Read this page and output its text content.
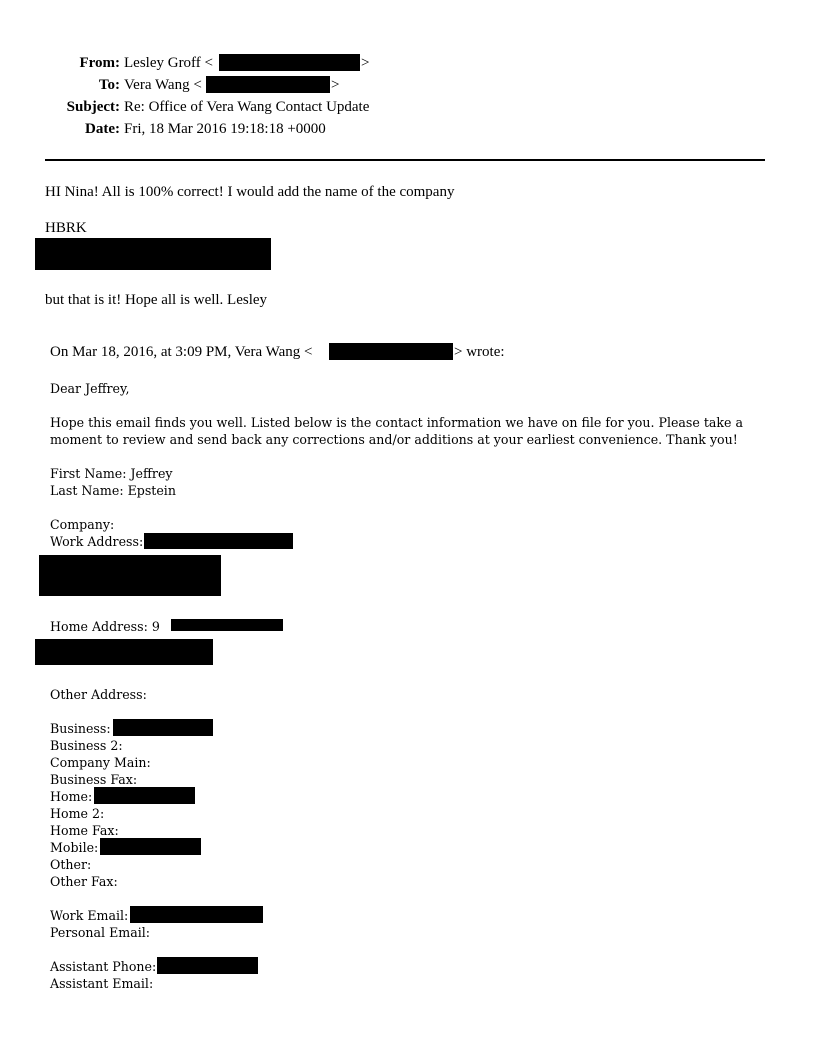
From: Lesley Groff <	>
To: Vera Wang <	>
Subject: Re: Office of Vera Wang Contact Update
Date: Fri, 18 Mar 2016 19:18:18 +0000
HI Nina! All is 100% correct! I would add the name of the company
HBRK
but that is it! Hope all is well. Lesley
On Mar 18, 2016, at 3:09 PM, Vera Wang <	> wrote:
Dear Jeffrey,
Hope this email finds you well. Listed below is the contact information we have on file for you. Please take a
moment to review and send back any corrections and/or additions at your earliest convenience. Thank you!
First Name: Jeffrey
Last Name: Epstein
Company:
Work Address:
Home Address: 9
Other Address:
Business:
Business 2:
Company Main:
Business Fax:
Home:
Home 2:
Home Fax:
Mobile:
Other:
Other Fax:
Work Email:
Personal Email:
Assistant Phone:
Assistant Email:
